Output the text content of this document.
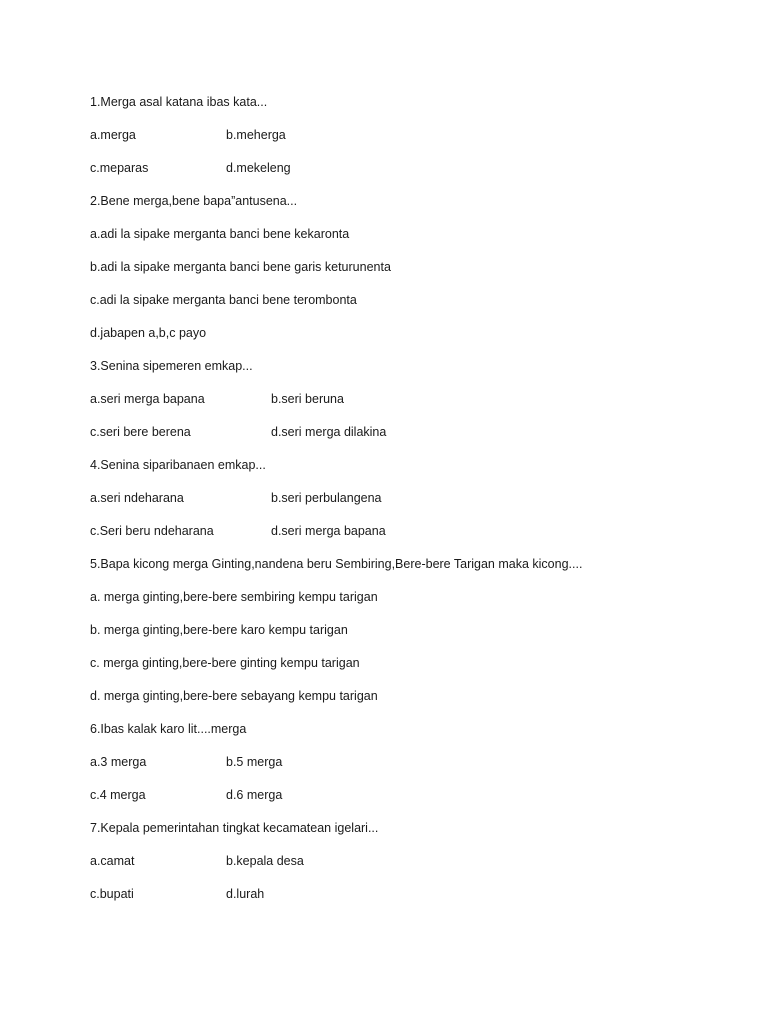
1.Merga asal katana ibas kata...
a.merga	b.meherga
c.meparas	d.mekeleng
2.Bene merga,bene bapa”antusena...
a.adi la sipake merganta banci bene kekaronta
b.adi la sipake merganta banci bene garis keturunenta
c.adi la sipake merganta banci bene terombonta
d.jabapen a,b,c payo
3.Senina sipemeren emkap...
a.seri merga bapana	b.seri beruna
c.seri bere berena	d.seri merga dilakina
4.Senina siparibanaen emkap...
a.seri ndeharana	b.seri perbulangena
c.Seri beru ndeharana	d.seri merga bapana
5.Bapa kicong merga Ginting,nandena beru Sembiring,Bere-bere Tarigan maka kicong....
a. merga ginting,bere-bere sembiring kempu tarigan
b. merga ginting,bere-bere karo kempu tarigan
c. merga ginting,bere-bere ginting kempu tarigan
d. merga ginting,bere-bere sebayang kempu tarigan
6.Ibas kalak karo lit....merga
a.3 merga	b.5 merga
c.4 merga	d.6 merga
7.Kepala pemerintahan tingkat kecamatean igelari...
a.camat	b.kepala desa
c.bupati	d.lurah
